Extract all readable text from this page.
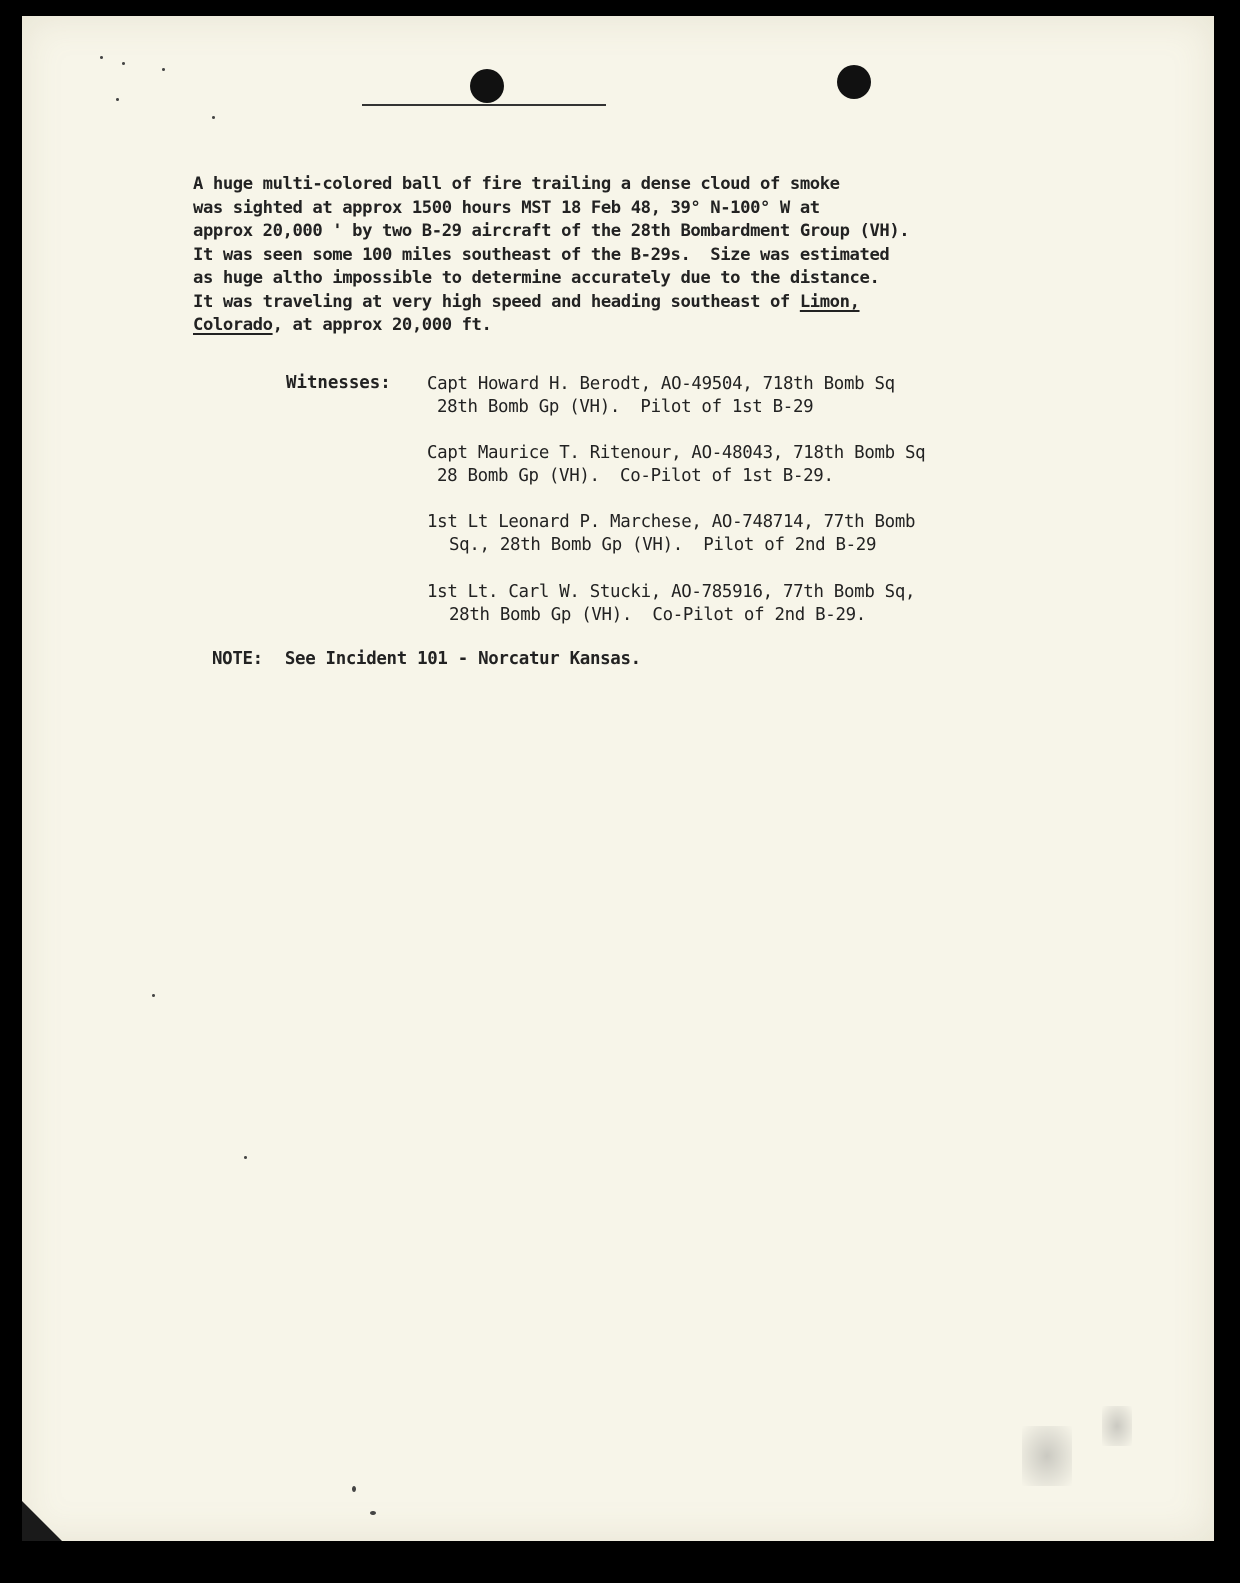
A huge multi-colored ball of fire trailing a dense cloud of smoke
was sighted at approx 1500 hours MST 18 Feb 48, 39° N-100° W at
approx 20,000 ' by two B-29 aircraft of the 28th Bombardment Group (VH).
It was seen some 100 miles southeast of the B-29s.  Size was estimated
as huge altho impossible to determine accurately due to the distance.
It was traveling at very high speed and heading southeast of Limon,
Colorado, at approx 20,000 ft.
Witnesses: Capt Howard H. Berodt, AO-49504, 718th Bomb Sq
28th Bomb Gp (VH).  Pilot of 1st B-29
Capt Maurice T. Ritenour, AO-48043, 718th Bomb Sq
28 Bomb Gp (VH).  Co-Pilot of 1st B-29.
1st Lt Leonard P. Marchese, AO-748714, 77th Bomb
Sq., 28th Bomb Gp (VH).  Pilot of 2nd B-29
1st Lt. Carl W. Stucki, AO-785916, 77th Bomb Sq,
28th Bomb Gp (VH).  Co-Pilot of 2nd B-29.
NOTE: See Incident 101 - Norcatur Kansas.
